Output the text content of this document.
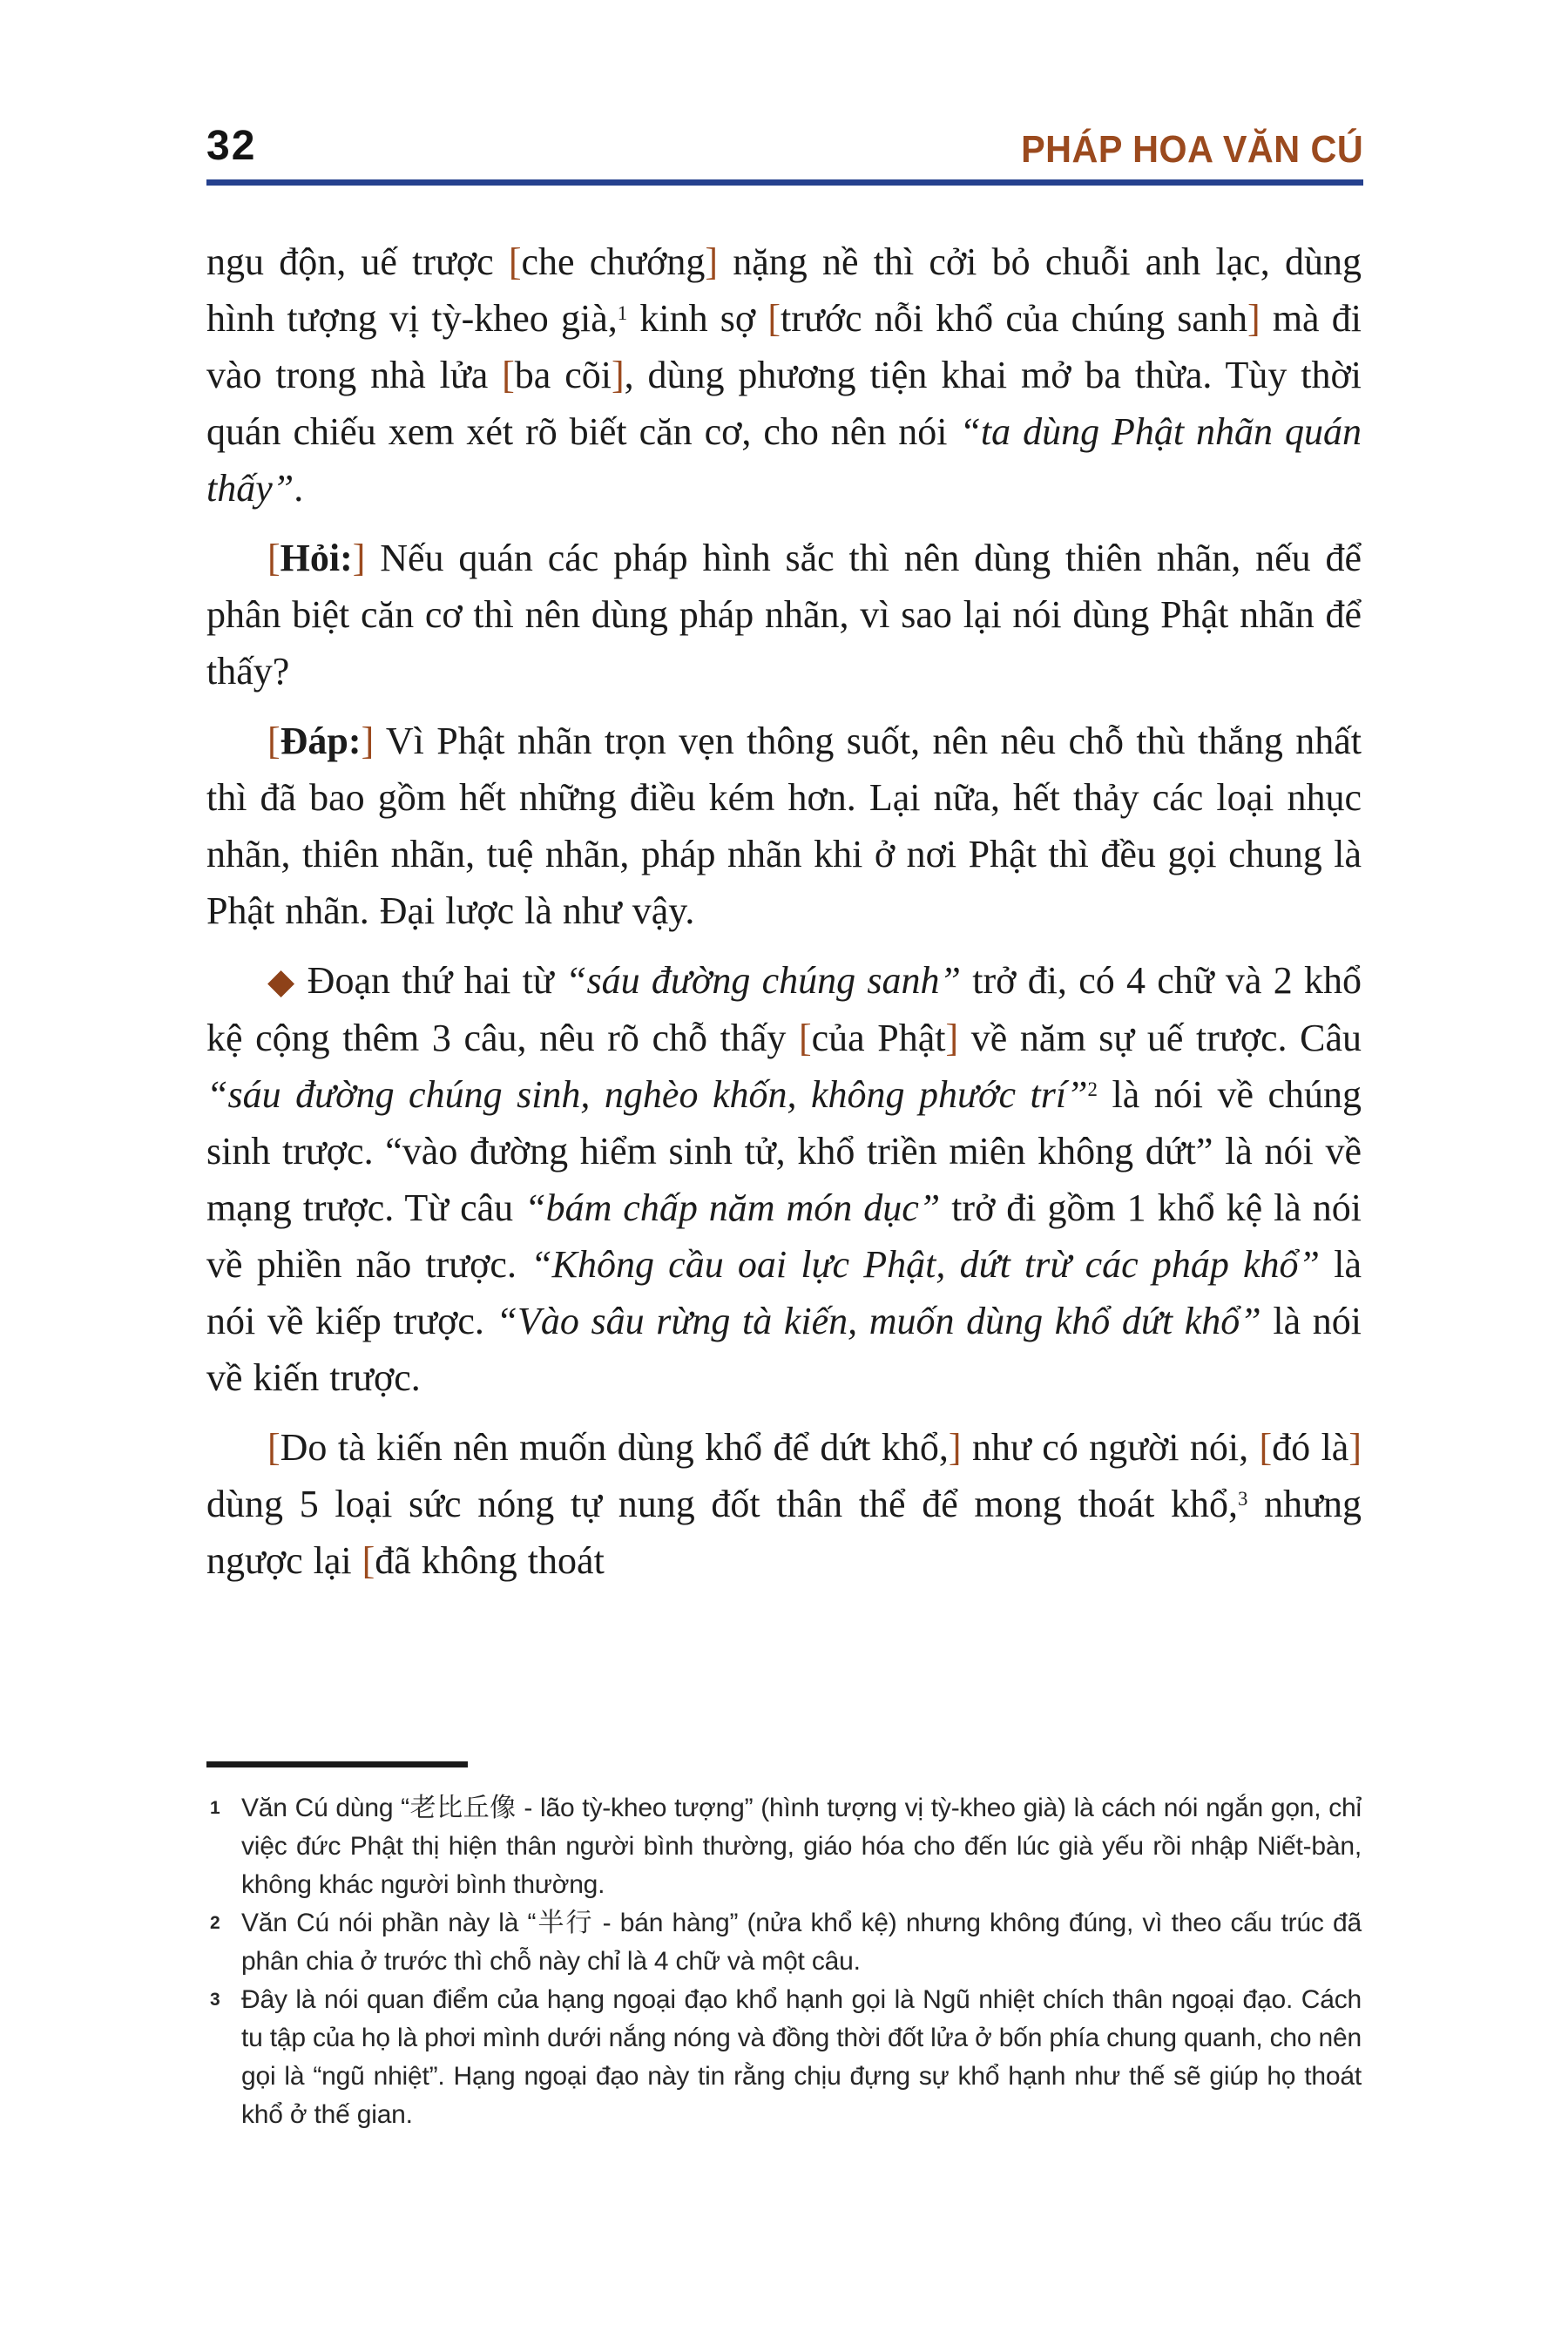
32	PHÁP HOA VĂN CÚ

ngu độn, uế trược [che chướng] nặng nề thì cởi bỏ chuỗi anh lạc, dùng hình tượng vị tỳ-kheo già,$^1$ kinh sợ [trước nỗi khổ của chúng sanh] mà đi vào trong nhà lửa [ba cõi], dùng phương tiện khai mở ba thừa. Tùy thời quán chiếu xem xét rõ biết căn cơ, cho nên nói “ta dùng Phật nhãn quán thấy”.

[Hỏi:] Nếu quán các pháp hình sắc thì nên dùng thiên nhãn, nếu để phân biệt căn cơ thì nên dùng pháp nhãn, vì sao lại nói dùng Phật nhãn để thấy?

[Đáp:] Vì Phật nhãn trọn vẹn thông suốt, nên nêu chỗ thù thắng nhất thì đã bao gồm hết những điều kém hơn. Lại nữa, hết thảy các loại nhục nhãn, thiên nhãn, tuệ nhãn, pháp nhãn khi ở nơi Phật thì đều gọi chung là Phật nhãn. Đại lược là như vậy.

◆ Đoạn thứ hai từ “sáu đường chúng sanh” trở đi, có 4 chữ và 2 khổ kệ cộng thêm 3 câu, nêu rõ chỗ thấy [của Phật] về năm sự uế trược. Câu “sáu đường chúng sinh, nghèo khốn, không phước trí”$^2$ là nói về chúng sinh trược. “vào đường hiểm sinh tử, khổ triền miên không dứt” là nói về mạng trược. Từ câu “bám chấp năm món dục” trở đi gồm 1 khổ kệ là nói về phiền não trược. “Không cầu oai lực Phật, dứt trừ các pháp khổ” là nói về kiếp trược. “Vào sâu rừng tà kiến, muốn dùng khổ dứt khổ” là nói về kiến trược.

[Do tà kiến nên muốn dùng khổ để dứt khổ,] như có người nói, [đó là] dùng 5 loại sức nóng tự nung đốt thân thể để mong thoát khổ,$^3$ nhưng ngược lại [đã không thoát

1 Văn Cú dùng “老比丘像 - lão tỳ-kheo tượng” (hình tượng vị tỳ-kheo già) là cách nói ngắn gọn, chỉ việc đức Phật thị hiện thân người bình thường, giáo hóa cho đến lúc già yếu rồi nhập Niết-bàn, không khác người bình thường.

2 Văn Cú nói phần này là “半行 - bán hàng” (nửa khổ kệ) nhưng không đúng, vì theo cấu trúc đã phân chia ở trước thì chỗ này chỉ là 4 chữ và một câu.

3 Đây là nói quan điểm của hạng ngoại đạo khổ hạnh gọi là Ngũ nhiệt chích thân ngoại đạo. Cách tu tập của họ là phơi mình dưới nắng nóng và đồng thời đốt lửa ở bốn phía chung quanh, cho nên gọi là “ngũ nhiệt”. Hạng ngoại đạo này tin rằng chịu đựng sự khổ hạnh như thế sẽ giúp họ thoát khổ ở thế gian.
